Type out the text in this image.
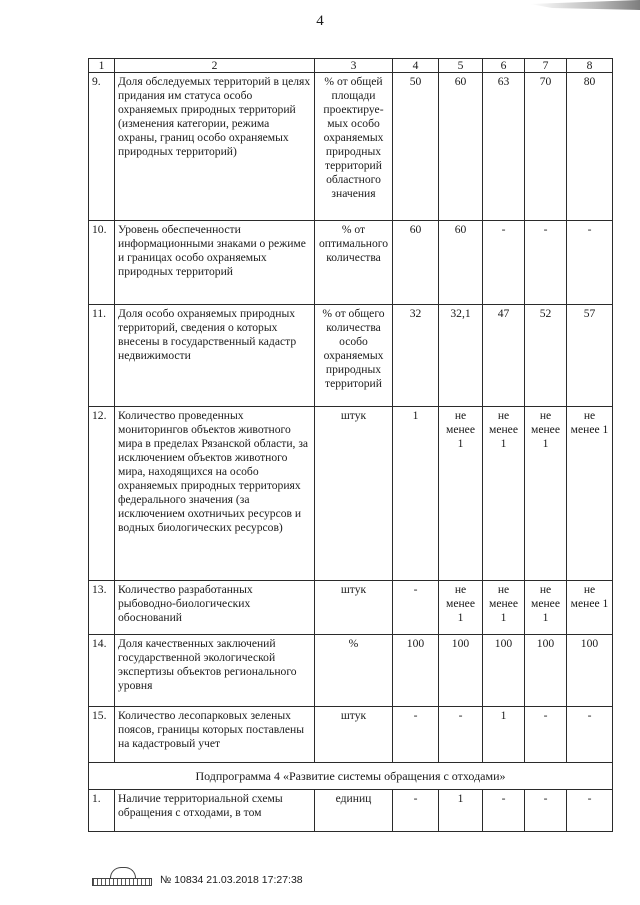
4
1	2	3	4	5	6	7	8
9.	Доля обследуемых территорий в целях придания им статуса особо охраняемых природных территорий (изменения категории, режима охраны, границ особо охраняемых природных территорий)	% от общей площади проектируе-мых особо охраняемых природных территорий областного значения	50	60	63	70	80
10.	Уровень обеспеченности информационными знаками о режиме и границах особо охраняемых природных территорий	% от оптимального количества	60	60	-	-	-
11.	Доля особо охраняемых природных территорий, сведения о которых внесены в государственный кадастр недвижимости	% от общего количества особо охраняемых природных территорий	32	32,1	47	52	57
12.	Количество проведенных мониторингов объектов животного мира в пределах Рязанской области, за исключением объектов животного мира, находящихся на особо охраняемых природных территориях федерального значения (за исключением охотничьих ресурсов и водных биологических ресурсов)	штук	1	не менее 1	не менее 1	не менее 1	не менее 1
13.	Количество разработанных рыбоводно-биологических обоснований	штук	-	не менее 1	не менее 1	не менее 1	не менее 1
14.	Доля качественных заключений государственной экологической экспертизы объектов регионального уровня	%	100	100	100	100	100
15.	Количество лесопарковых зеленых поясов, границы которых поставлены на кадастровый учет	штук	-	-	1	-	-
Подпрограмма 4 «Развитие системы обращения с отходами»							
1.	Наличие территориальной схемы обращения с отходами, в том	единиц	-	1	-	-	-
№ 10834 21.03.2018 17:27:38
